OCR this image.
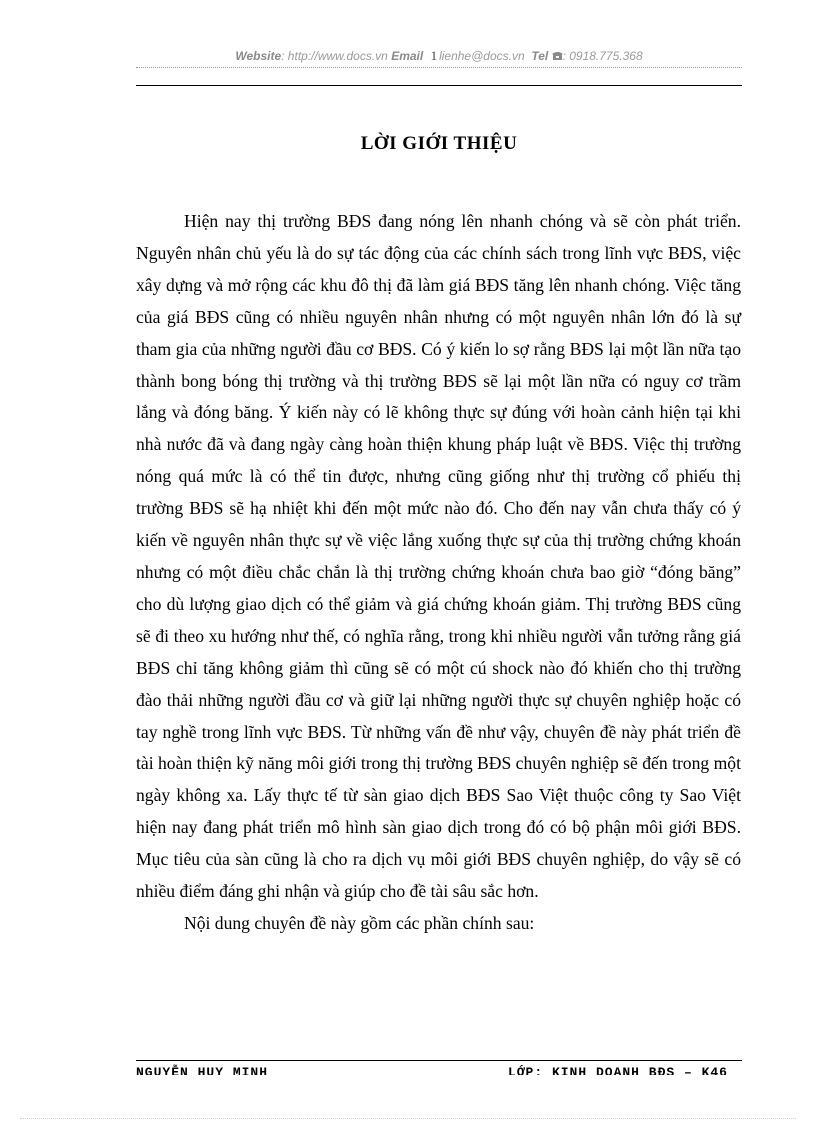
Website: http://www.docs.vn Email 1 lienhe@docs.vn Tel : 0918.775.368
LỜI GIỚI THIỆU

Hiện nay thị trường BĐS đang nóng lên nhanh chóng và sẽ còn phát triển. Nguyên nhân chủ yếu là do sự tác động của các chính sách trong lĩnh vực BĐS, việc xây dựng và mở rộng các khu đô thị đã làm giá BĐS tăng lên nhanh chóng. Việc tăng của giá BĐS cũng có nhiều nguyên nhân nhưng có một nguyên nhân lớn đó là sự tham gia của những người đầu cơ BĐS. Có ý kiến lo sợ rằng BĐS lại một lần nữa tạo thành bong bóng thị trường và thị trường BĐS sẽ lại một lần nữa có nguy cơ trầm lắng và đóng băng. Ý kiến này có lẽ không thực sự đúng với hoàn cảnh hiện tại khi nhà nước đã và đang ngày càng hoàn thiện khung pháp luật về BĐS. Việc thị trường nóng quá mức là có thể tin được, nhưng cũng giống như thị trường cổ phiếu thị trường BĐS sẽ hạ nhiệt khi đến một mức nào đó. Cho đến nay vẫn chưa thấy có ý kiến về nguyên nhân thực sự về việc lắng xuống thực sự của thị trường chứng khoán nhưng có một điều chắc chắn là thị trường chứng khoán chưa bao giờ “đóng băng” cho dù lượng giao dịch có thể giảm và giá chứng khoán giảm. Thị trường BĐS cũng sẽ đi theo xu hướng như thế, có nghĩa rằng, trong khi nhiều người vẫn tưởng rằng giá BĐS chỉ tăng không giảm thì cũng sẽ có một cú shock nào đó khiến cho thị trường đào thải những người đầu cơ và giữ lại những người thực sự chuyên nghiệp hoặc có tay nghề trong lĩnh vực BĐS. Từ những vấn đề như vậy, chuyên đề này phát triển đề tài hoàn thiện kỹ năng môi giới trong thị trường BĐS chuyên nghiệp sẽ đến trong một ngày không xa. Lấy thực tế từ sàn giao dịch BĐS Sao Việt thuộc công ty Sao Việt hiện nay đang phát triển mô hình sàn giao dịch trong đó có bộ phận môi giới BĐS. Mục tiêu của sàn cũng là cho ra dịch vụ môi giới BĐS chuyên nghiệp, do vậy sẽ có nhiều điểm đáng ghi nhận và giúp cho đề tài sâu sắc hơn.

Nội dung chuyên đề này gồm các phần chính sau:

NGUYỄN HUY MINH	LỚP: KINH DOANH BĐS – K46
